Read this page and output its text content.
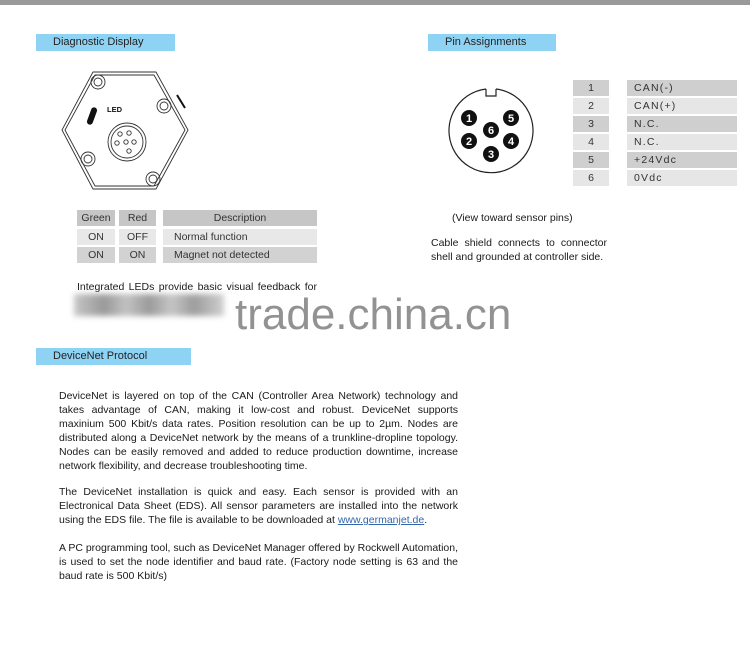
Diagnostic Display
LED
Green	Red	Description
ON	OFF	Normal function
ON	ON	Magnet not detected
Integrated LEDs provide basic visual feedback for
trade.china.cn
Pin Assignments
1
2
3
4
5
6
1	CAN(-)
2	CAN(+)
3	N.C.
4	N.C.
5	+24Vdc
6	0Vdc
(View toward sensor pins)
Cable shield connects to connector shell and grounded at controller side.
DeviceNet Protocol

DeviceNet is layered on top of the CAN (Controller Area Network) technology and takes advantage of CAN, making it low-cost and robust. DeviceNet supports maxinium 500 Kbit/s data rates. Position resolution can be up to 2µm. Nodes are distributed along a DeviceNet network by the means of a trunkline-dropline topology. Nodes can be easily removed and added to reduce production downtime, increase network flexibility, and decrease troubleshooting time.

The DeviceNet installation is quick and easy. Each sensor is provided with an Electronical Data Sheet (EDS). All sensor parameters are installed into the network using the EDS file. The file is available to be downloaded at www.germanjet.de.

A PC programming tool, such as DeviceNet Manager offered by Rockwell Automation, is used to set the node identifier and baud rate. (Factory node setting is 63 and the baud rate is 500 Kbit/s)
